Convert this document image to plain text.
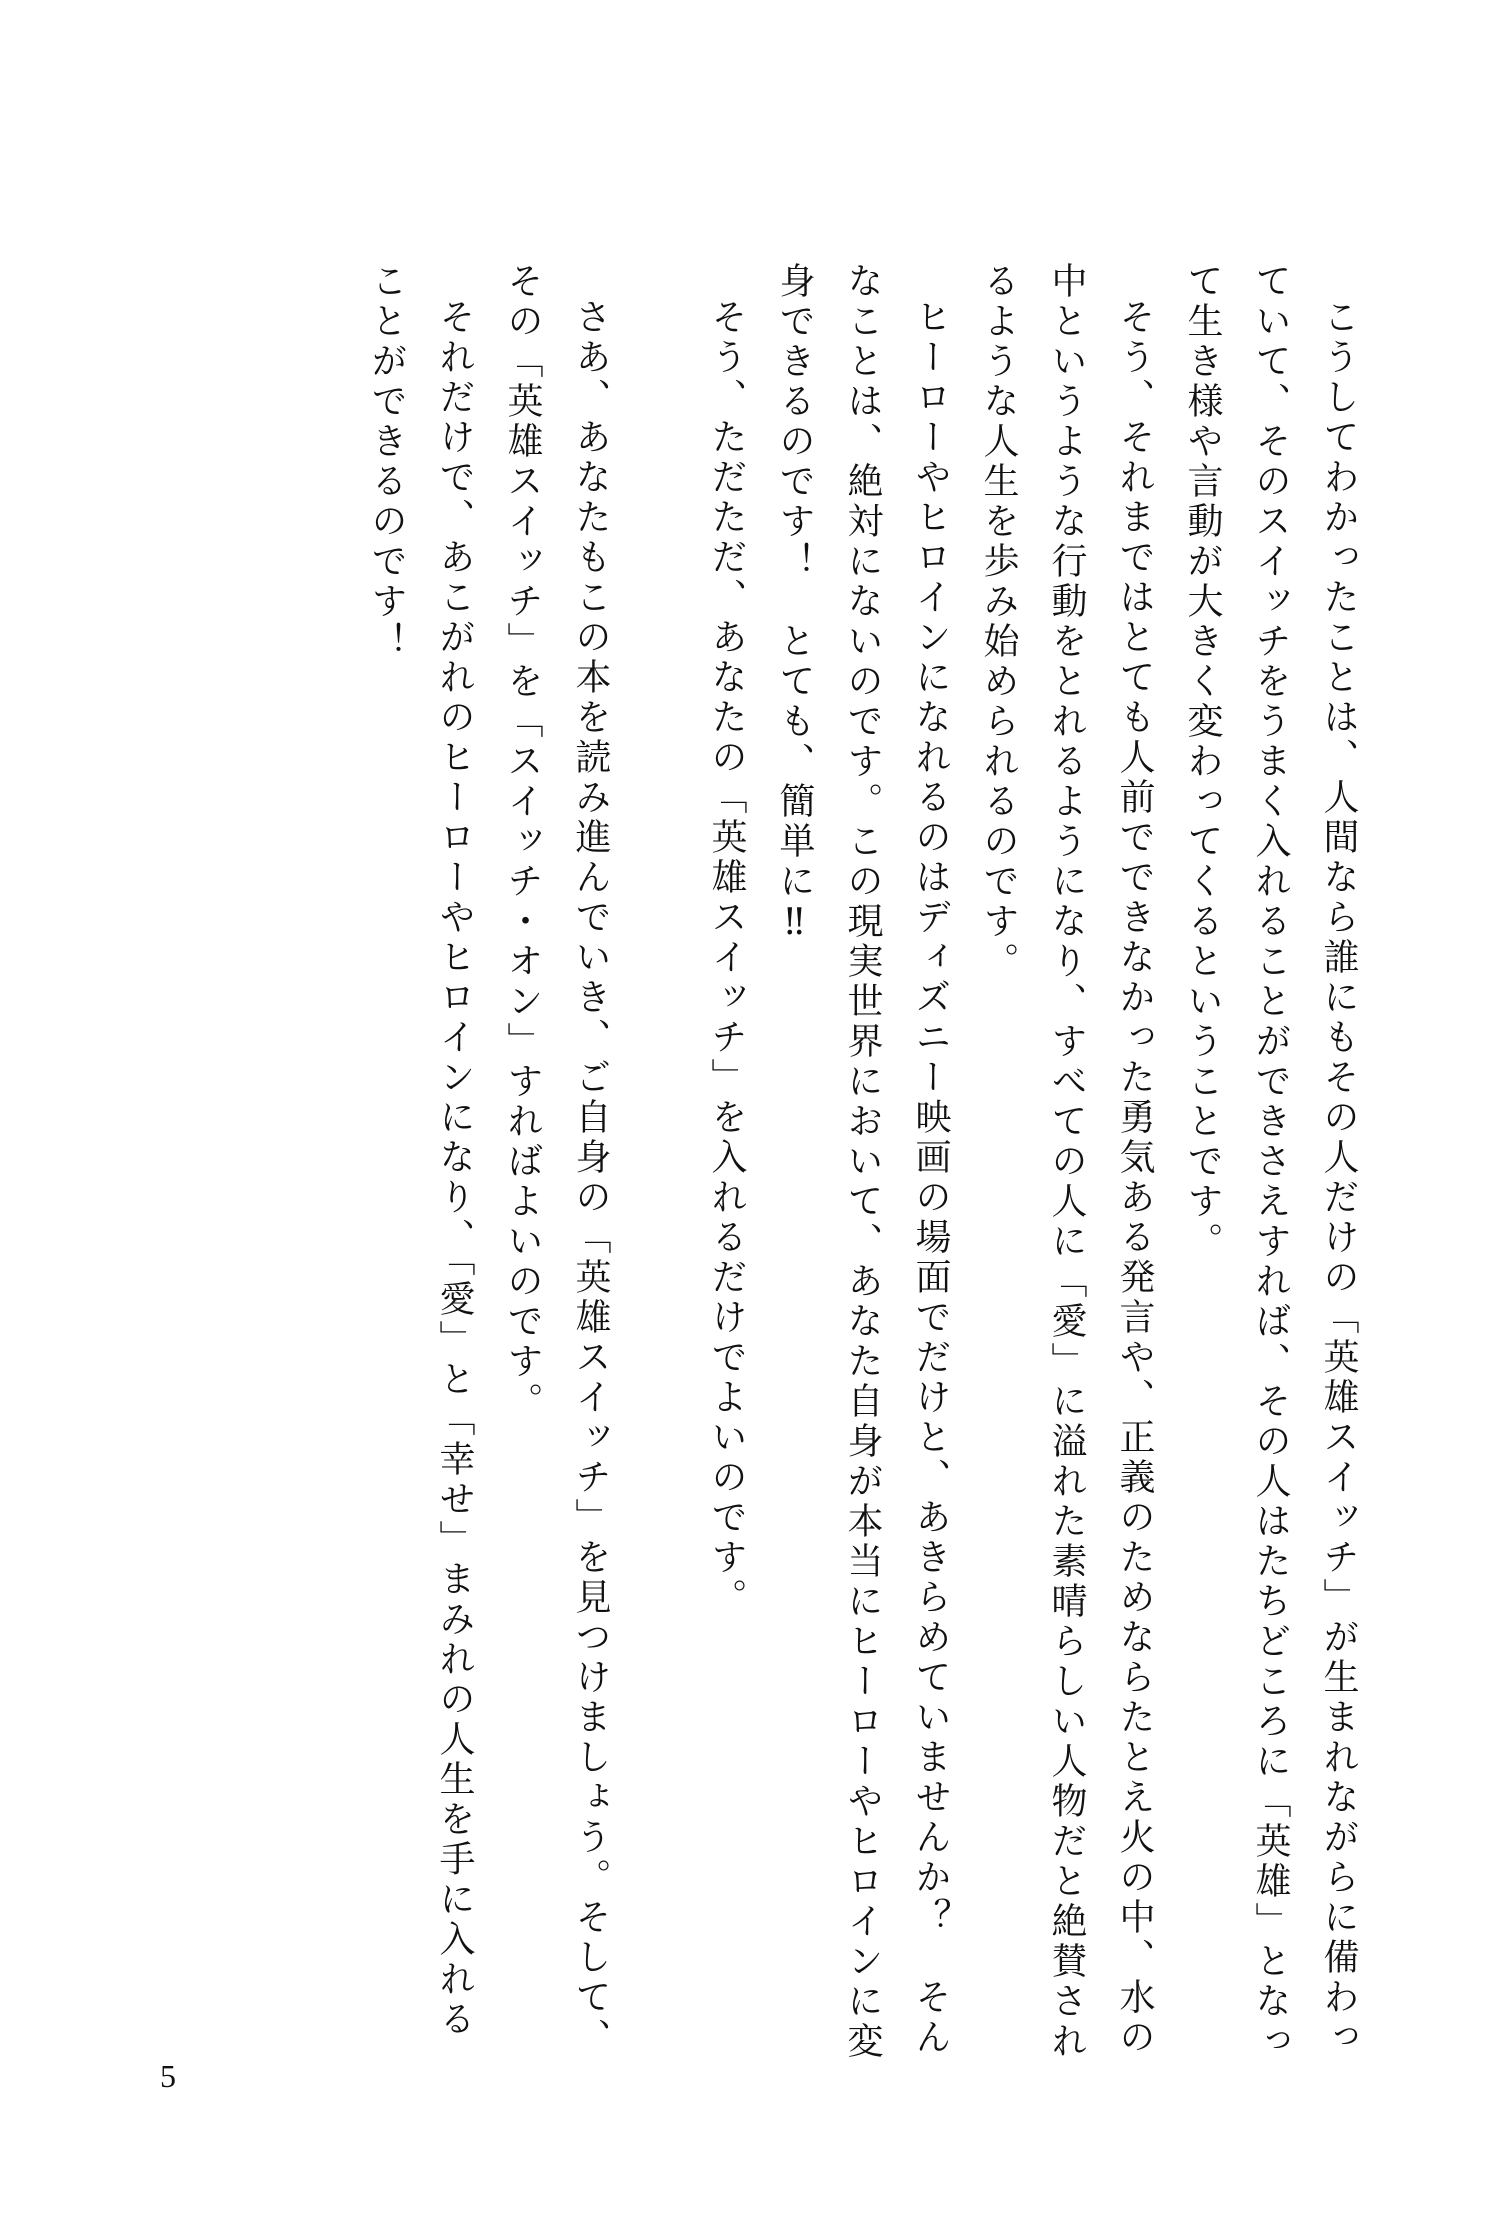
こうしてわかったことは、人間なら誰にもその人だけの「英雄スイッチ」が生まれながらに備わっていて、そのスイッチをうまく入れることができさえすれば、その人はたちどころに「英雄」となって生き様や言動が大きく変わってくるということです。

そう、それまではとても人前でできなかった勇気ある発言や、正義のためならたとえ火の中、水の中というような行動をとれるようになり、すべての人に「愛」に溢れた素晴らしい人物だと絶賛されるような人生を歩み始められるのです。

ヒーローやヒロインになれるのはディズニー映画の場面でだけと、あきらめていませんか？　そんなことは、絶対にないのです。この現実世界において、あなた自身が本当にヒーローやヒロインに変身できるのです！　とても、簡単に‼

そう、ただただ、あなたの「英雄スイッチ」を入れるだけでよいのです。

さあ、あなたもこの本を読み進んでいき、ご自身の「英雄スイッチ」を見つけましょう。そして、その「英雄スイッチ」を「スイッチ・オン」すればよいのです。

それだけで、あこがれのヒーローやヒロインになり、「愛」と「幸せ」まみれの人生を手に入れることができるのです！

5
